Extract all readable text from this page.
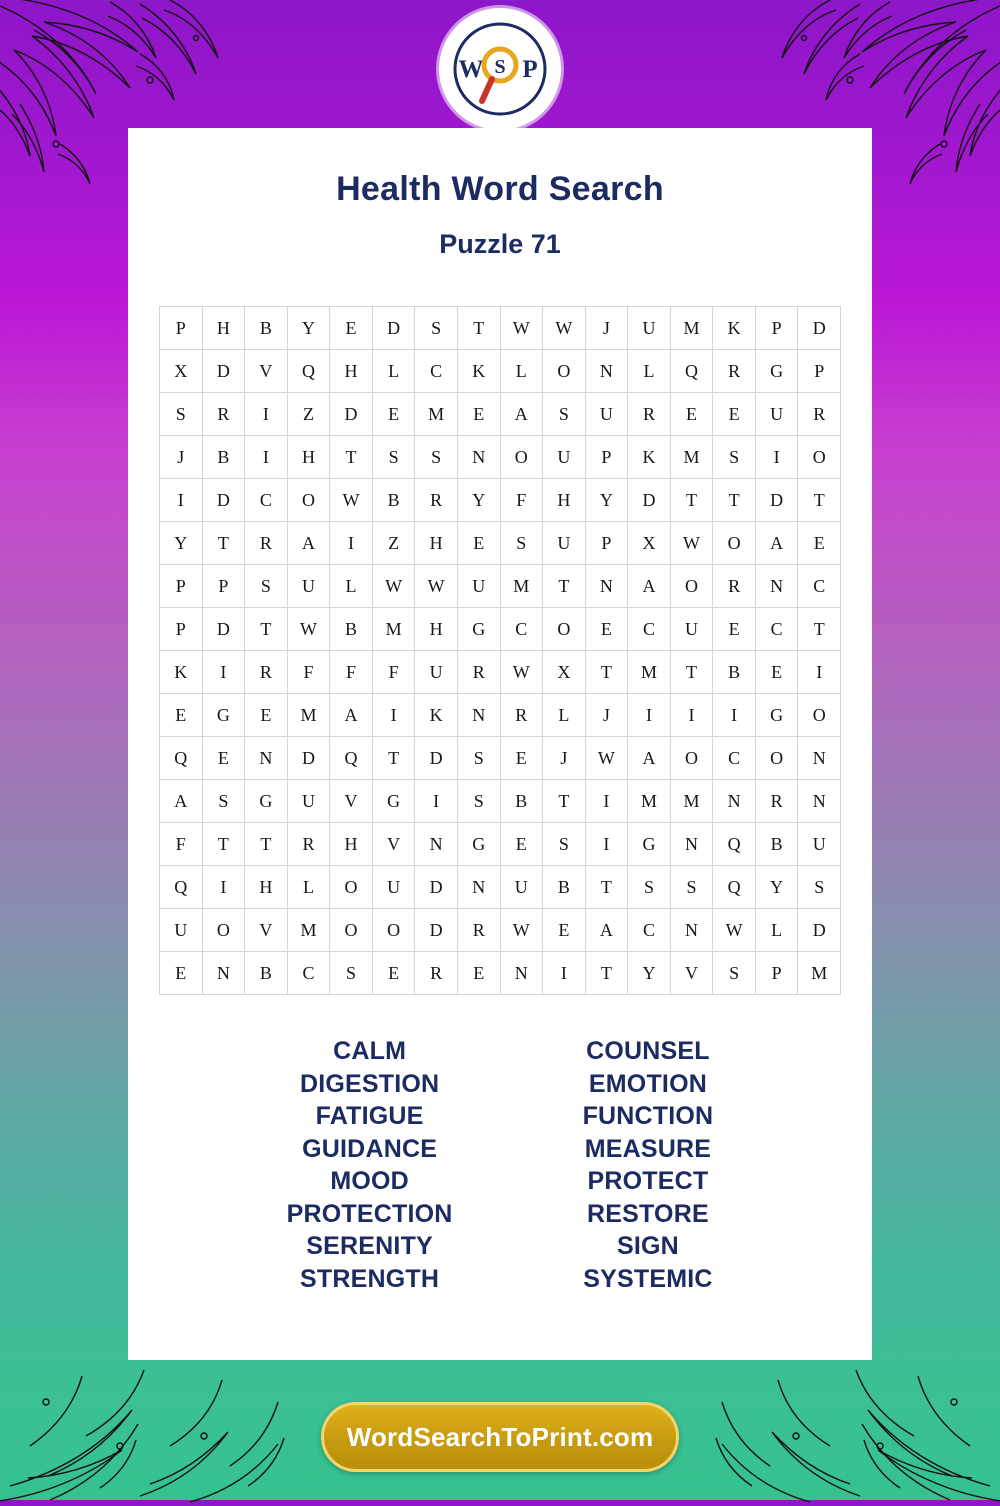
W P
S
Health Word Search
Puzzle 71
P	H	B	Y	E	D	S	T	W	W	J	U	M	K	P	D
X	D	V	Q	H	L	C	K	L	O	N	L	Q	R	G	P
S	R	I	Z	D	E	M	E	A	S	U	R	E	E	U	R
J	B	I	H	T	S	S	N	O	U	P	K	M	S	I	O
I	D	C	O	W	B	R	Y	F	H	Y	D	T	T	D	T
Y	T	R	A	I	Z	H	E	S	U	P	X	W	O	A	E
P	P	S	U	L	W	W	U	M	T	N	A	O	R	N	C
P	D	T	W	B	M	H	G	C	O	E	C	U	E	C	T
K	I	R	F	F	F	U	R	W	X	T	M	T	B	E	I
E	G	E	M	A	I	K	N	R	L	J	I	I	I	G	O
Q	E	N	D	Q	T	D	S	E	J	W	A	O	C	O	N
A	S	G	U	V	G	I	S	B	T	I	M	M	N	R	N
F	T	T	R	H	V	N	G	E	S	I	G	N	Q	B	U
Q	I	H	L	O	U	D	N	U	B	T	S	S	Q	Y	S
U	O	V	M	O	O	D	R	W	E	A	C	N	W	L	D
E	N	B	C	S	E	R	E	N	I	T	Y	V	S	P	M
CALM
DIGESTION
FATIGUE
GUIDANCE
MOOD
PROTECTION
SERENITY
STRENGTH
COUNSEL
EMOTION
FUNCTION
MEASURE
PROTECT
RESTORE
SIGN
SYSTEMIC
WordSearchToPrint.com
